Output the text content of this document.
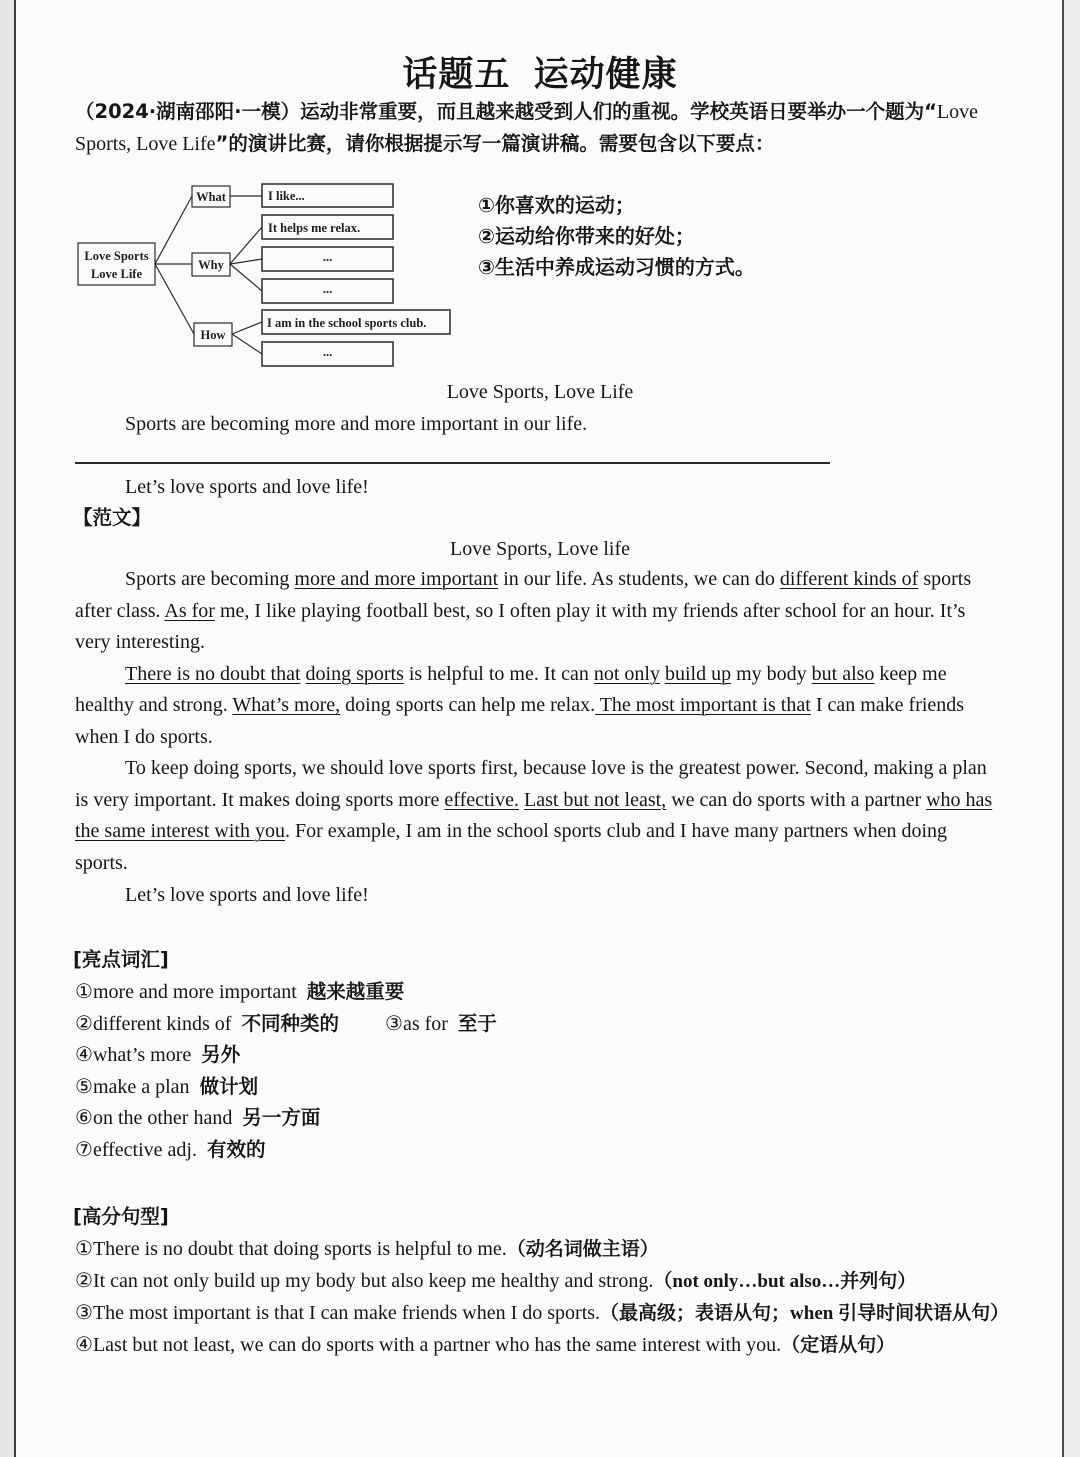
话题五 运动健康
（2024·湖南邵阳·一模）运动非常重要，而且越来越受到人们的重视。学校英语日要举办一个题为“Love
Sports, Love Life”的演讲比赛，请你根据提示写一篇演讲稿。需要包含以下要点：
Love Sports
Love Life
What
Why
How
I like...
It helps me relax.
...
...
I am in the school sports club.
...
①你喜欢的运动；
②运动给你带来的好处；
③生活中养成运动习惯的方式。
Love Sports, Love Life
Sports are becoming more and more important in our life.
Let’s love sports and love life!
【范文】
Love Sports, Love life
Sports are becoming more and more important in our life. As students, we can do different kinds of sports
after class. As for me, I like playing football best, so I often play it with my friends after school for an hour. It’s
very interesting.
There is no doubt that doing sports is helpful to me. It can not only build up my body but also keep me
healthy and strong. What’s more, doing sports can help me relax. The most important is that I can make friends
when I do sports.
To keep doing sports, we should love sports first, because love is the greatest power. Second, making a plan
is very important. It makes doing sports more effective. Last but not least, we can do sports with a partner who has
the same interest with you. For example, I am in the school sports club and I have many partners when doing
sports.
Let’s love sports and love life!
[亮点词汇]
①more and more important 越来越重要
②different kinds of 不同种类的 ③as for 至于
④what’s more 另外
⑤make a plan 做计划
⑥on the other hand 另一方面
⑦effective adj. 有效的
[高分句型]
①There is no doubt that doing sports is helpful to me.（动名词做主语）
②It can not only build up my body but also keep me healthy and strong.（not only…but also…并列句）
③The most important is that I can make friends when I do sports.（最高级；表语从句；when 引导时间状语从句）
④Last but not least, we can do sports with a partner who has the same interest with you.（定语从句）
